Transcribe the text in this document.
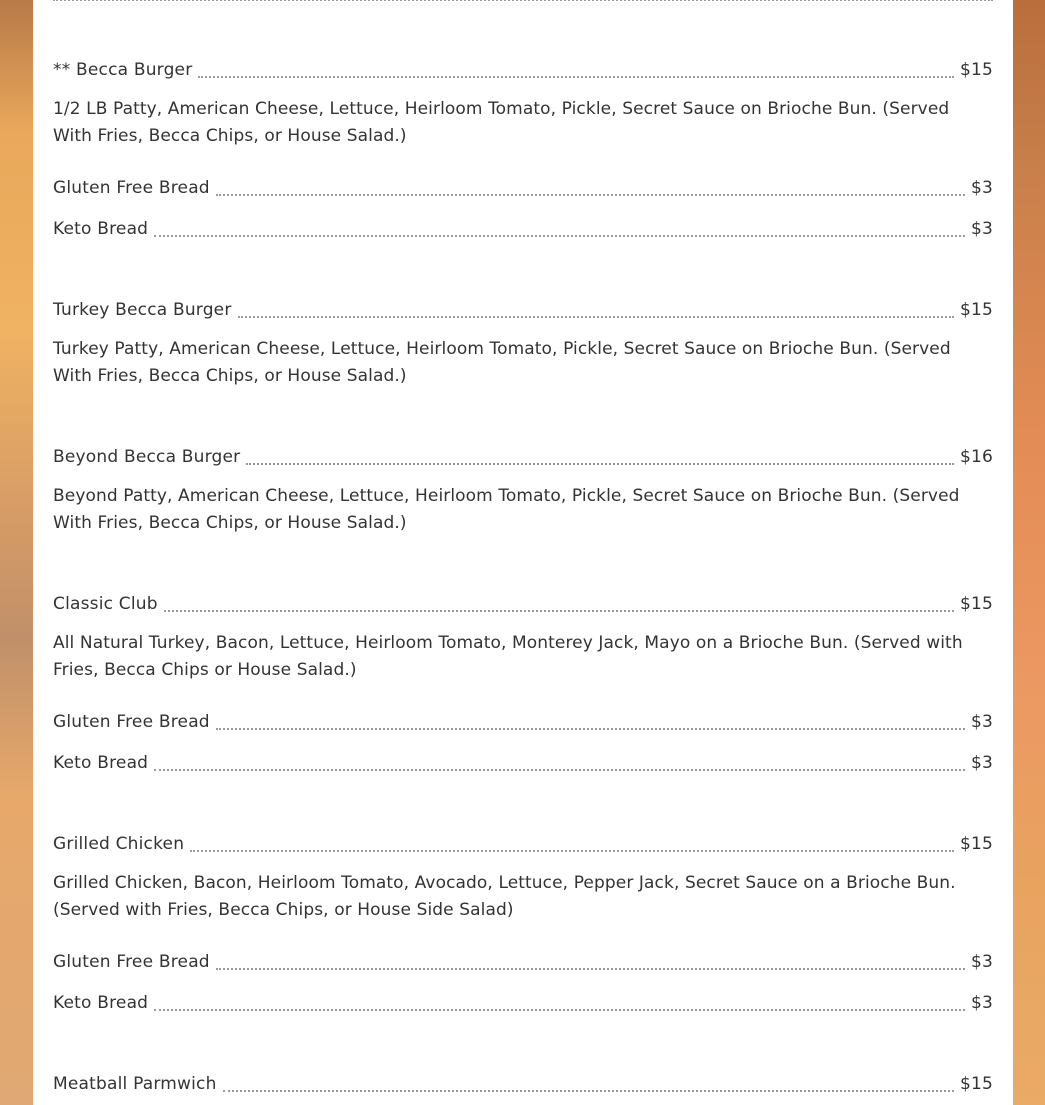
** Becca Burger	$15
1/2 LB Patty, American Cheese, Lettuce, Heirloom Tomato, Pickle, Secret Sauce on Brioche Bun. (Served With Fries, Becca Chips, or House Salad.)
Gluten Free Bread	$3
Keto Bread	$3
Turkey Becca Burger	$15
Turkey Patty, American Cheese, Lettuce, Heirloom Tomato, Pickle, Secret Sauce on Brioche Bun. (Served With Fries, Becca Chips, or House Salad.)
Beyond Becca Burger	$16
Beyond Patty, American Cheese, Lettuce, Heirloom Tomato, Pickle, Secret Sauce on Brioche Bun. (Served With Fries, Becca Chips, or House Salad.)
Classic Club	$15
All Natural Turkey, Bacon, Lettuce, Heirloom Tomato, Monterey Jack, Mayo on a Brioche Bun. (Served with Fries, Becca Chips or House Salad.)
Gluten Free Bread	$3
Keto Bread	$3
Grilled Chicken	$15
Grilled Chicken, Bacon, Heirloom Tomato, Avocado, Lettuce, Pepper Jack, Secret Sauce on a Brioche Bun. (Served with Fries, Becca Chips, or House Side Salad)
Gluten Free Bread	$3
Keto Bread	$3
Meatball Parmwich	$15
